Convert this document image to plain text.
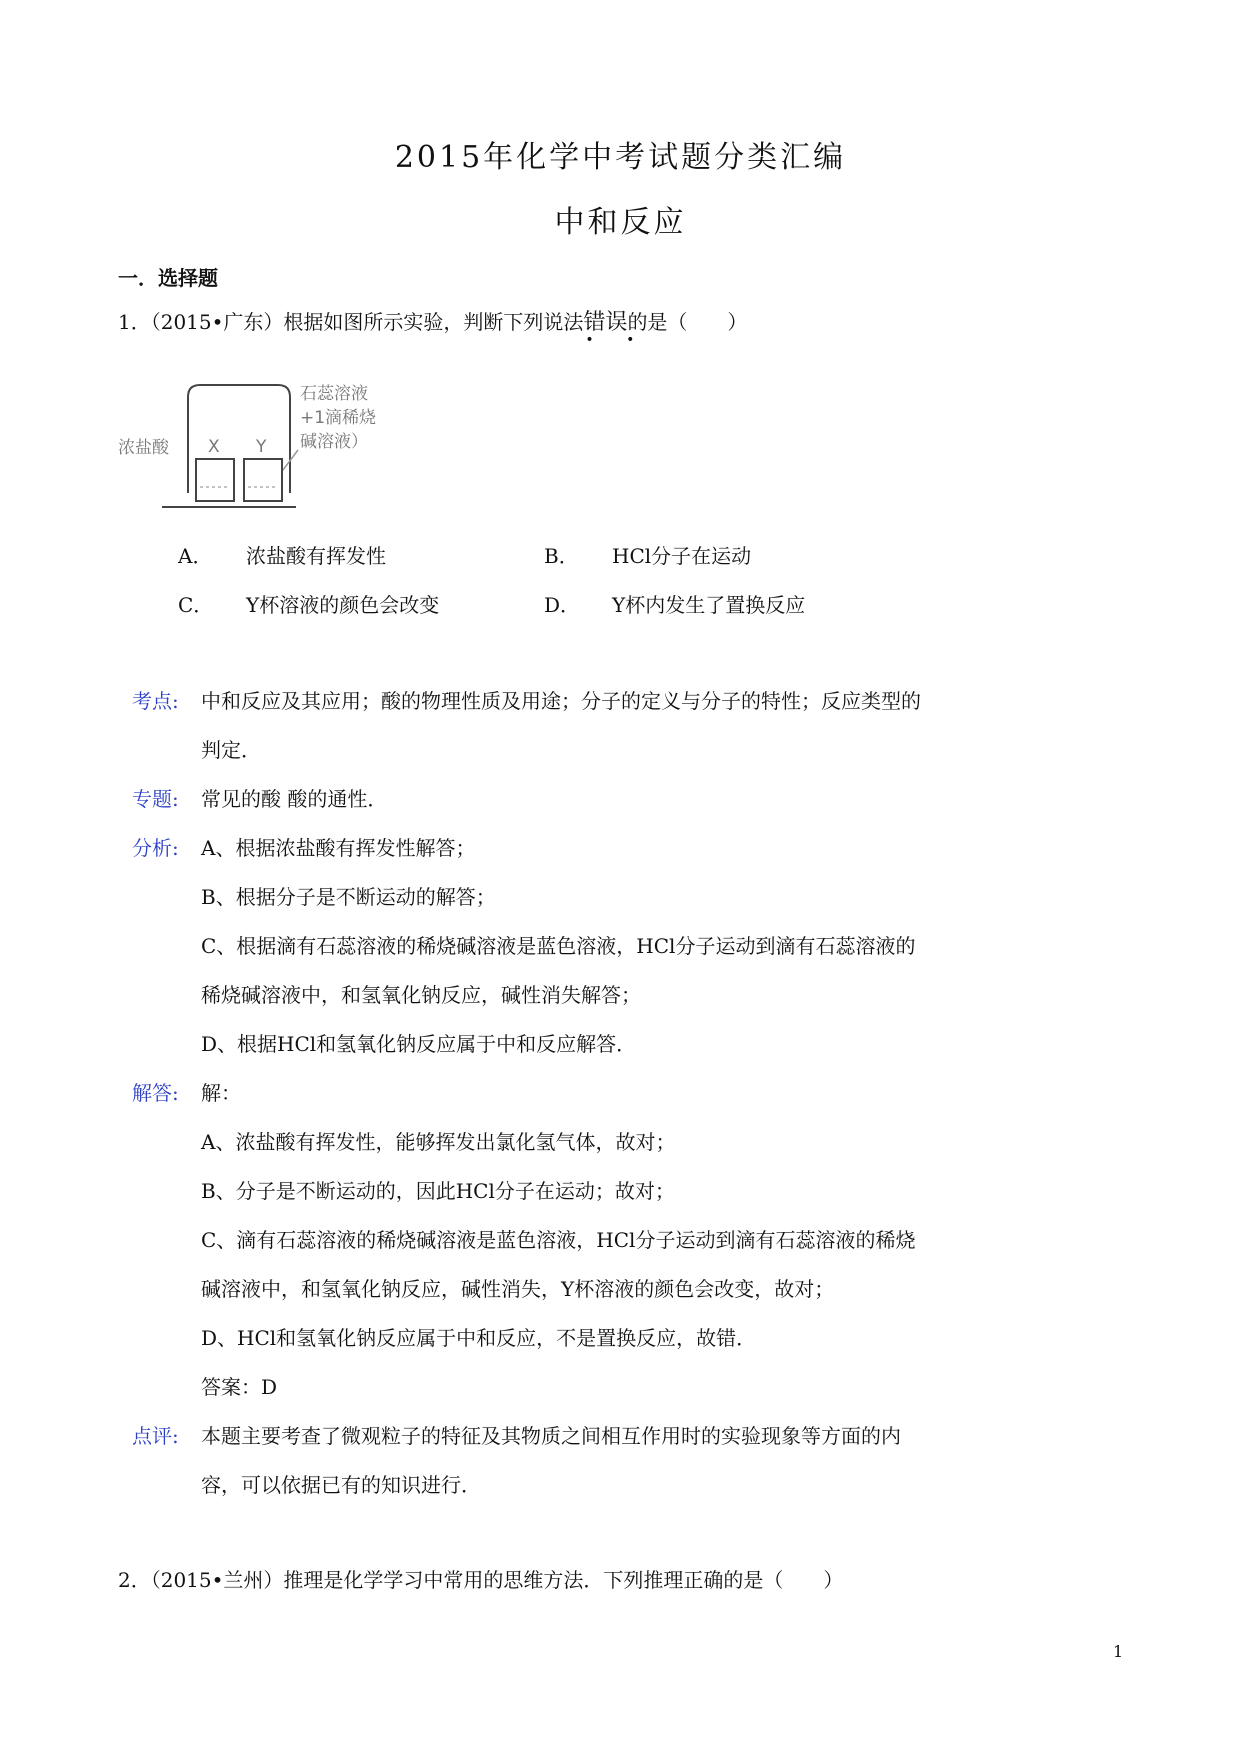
2015年化学中考试题分类汇编
中和反应
一．选择题
1．（2015•广东）根据如图所示实验，判断下列说法错误
• •
的是（　　）
浓盐酸 X Y
石蕊溶液
+1滴稀烧
碱溶液）
A． 浓盐酸有挥发性	B． HCl分子在运动
C． Y杯溶液的颜色会改变	D． Y杯内发生了置换反应
考点: 中和反应及其应用；酸的物理性质及用途；分子的定义与分子的特性；反应类型的
判定．
专题: 常见的酸 酸的通性．
分析: A、根据浓盐酸有挥发性解答；
B、根据分子是不断运动的解答；
C、根据滴有石蕊溶液的稀烧碱溶液是蓝色溶液，HCl分子运动到滴有石蕊溶液的
稀烧碱溶液中，和氢氧化钠反应，碱性消失解答；
D、根据HCl和氢氧化钠反应属于中和反应解答．
解答: 解：
A、浓盐酸有挥发性，能够挥发出氯化氢气体，故对；
B、分子是不断运动的，因此HCl分子在运动；故对；
C、滴有石蕊溶液的稀烧碱溶液是蓝色溶液，HCl分子运动到滴有石蕊溶液的稀烧
碱溶液中，和氢氧化钠反应，碱性消失，Y杯溶液的颜色会改变，故对；
D、HCl和氢氧化钠反应属于中和反应，不是置换反应，故错．
答案：D
点评: 本题主要考查了微观粒子的特征及其物质之间相互作用时的实验现象等方面的内
容，可以依据已有的知识进行．
2．（2015•兰州）推理是化学学习中常用的思维方法．下列推理正确的是（　　）
1
